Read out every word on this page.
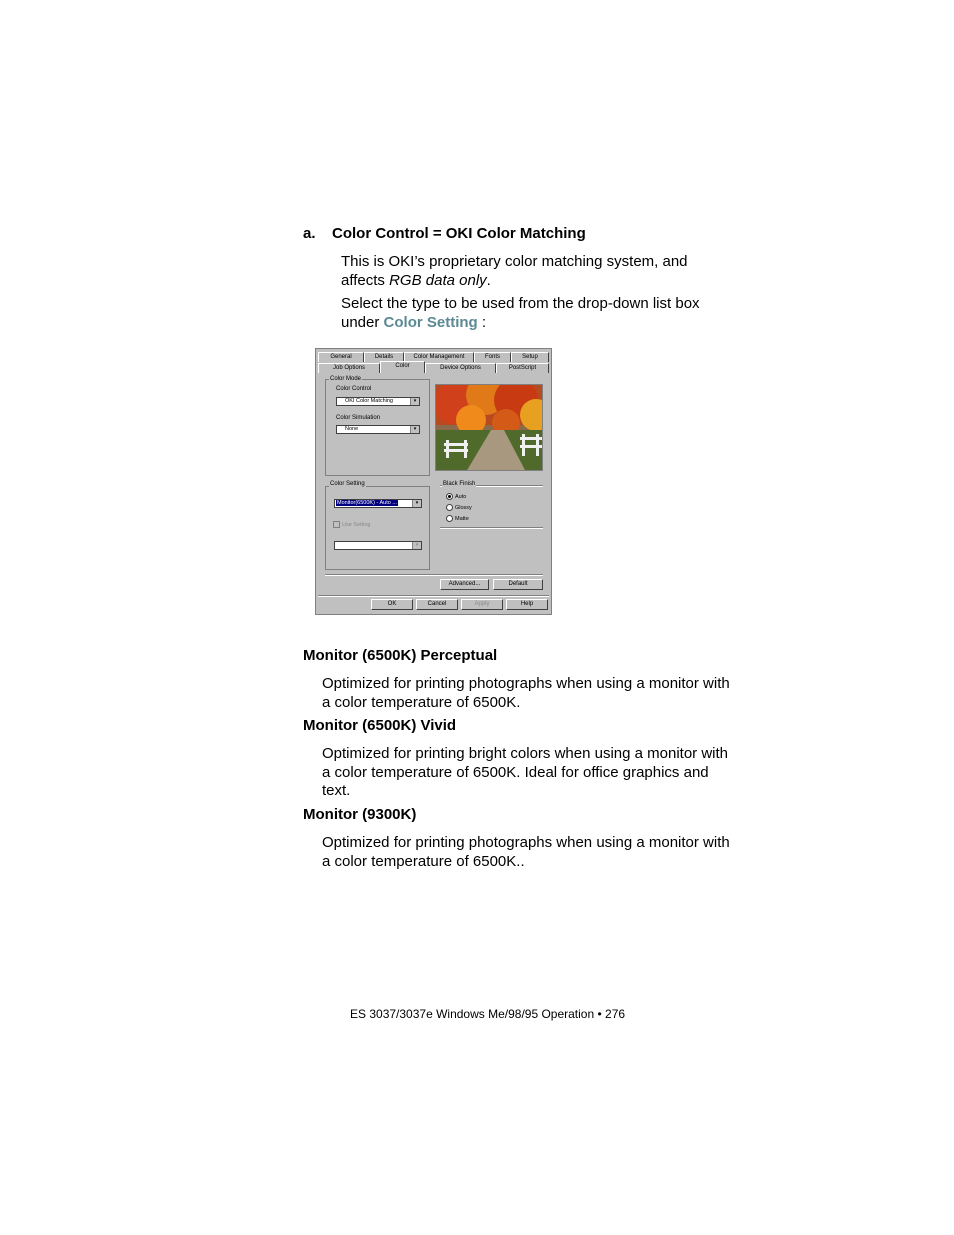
a. Color Control = OKI Color Matching
This is OKI’s proprietary color matching system, and affects RGB data only.
Select the type to be used from the drop-down list box under Color Setting :
General	Details	Color Management	Fonts	Setup
Job Options	Color	Device Options	PostScript
Color Mode
Color Control
OKI Color Matching	▾
Color Simulation
None	▾
Color Setting
Monitor(6500K) - Auto ...	▾
Use Setting
▾
Black Finish
Auto
Glossy
Matte
Advanced...	Default
OK	Cancel	Apply	Help
Monitor (6500K) Perceptual
Optimized for printing photographs when using a monitor with a color temperature of 6500K.
Monitor (6500K) Vivid
Optimized for printing bright colors when using a monitor with a color temperature of 6500K. Ideal for office graphics and text.
Monitor (9300K)
Optimized for printing photographs when using a monitor with a color temperature of 6500K..
ES 3037/3037e Windows Me/98/95 Operation • 276
